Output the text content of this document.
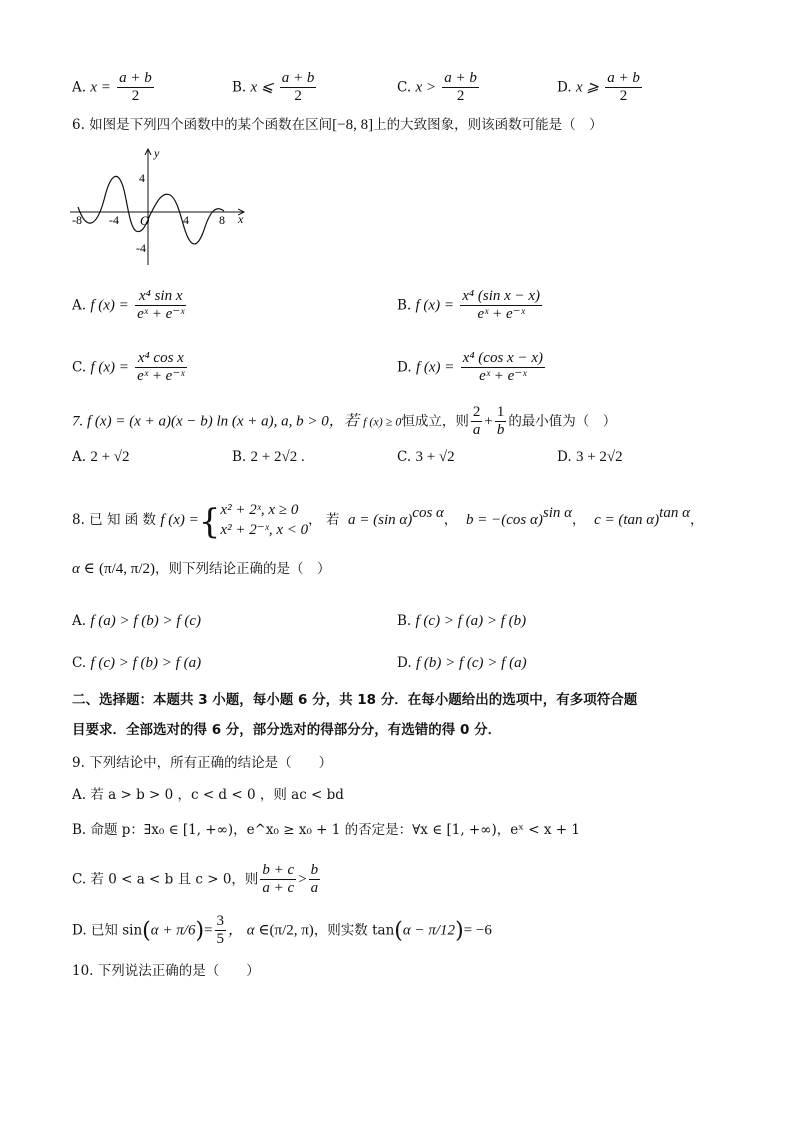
A. $x = \frac{a + b}{2}$	B. x ⩽ $\frac{a + b}{2}$	C. $x > \frac{a + b}{2}$	D. x ⩾ $\frac{a + b}{2}$
6. 如图是下列四个函数中的某个函数在区间[−8, 8]上的大致图象，则该函数可能是（　）
y
x
O
-8 -4	4	8
4
-4
A. f $(x) = \frac{\text{x⁴ sin x}}{\text{eˣ + e⁻ˣ}}$	B. f $(x) = \frac{\text{x⁴ (sin x − x)}}{\text{eˣ + e⁻ˣ}}$
C. f $(x) = \frac{\text{x⁴ cos x}}{\text{eˣ + e⁻ˣ}}$	D. f $(x) = \frac{\text{x⁴ (cos x − x)}}{\text{eˣ + e⁻ˣ}}$
7. f (x) = (x + a)(x − b) ln (x + a), a, b > 0，若 f (x) ≥ 0恒成立，则 $\frac{2}{a} + \frac{1}{b}$ 的最小值为（　）
A. 2 + √2	B. 2 + 2√2 .	C. 3 + √2	D. 3 + 2√2
8. 已 知 函 数 f (x) ={ x² + 2ˣ, x ≥ 0
x² + 2⁻ˣ, x < 0
， 若 a = (sin α)$^{cos \alpha}$，  b = −(cos α)$^{sin \alpha}$，  c = (tan α)$^{tan \alpha}$，
α ∈ (π/4, π/2)，则下列结论正确的是（　）
A. f (a) > f (b) > f (c)	B. f (c) > f (a) > f (b)
C. f (c) > f (b) > f (a)	D. f (b) > f (c) > f (a)
二、选择题：本题共 3 小题，每小题 6 分，共 18 分．在每小题给出的选项中，有多项符合题
目要求．全部选对的得 6 分，部分选对的得部分分，有选错的得 0 分．
9. 下列结论中，所有正确的结论是（　　）
A. 若 a > b > 0 ，c < d < 0 ，则 ac < bd
B. 命题 p：∃x₀ ∈ [1, +∞)，e^x₀ ≥ x₀ + 1 的否定是：∀x ∈ [1, +∞)，eˣ < x + 1
C. 若 0 < a < b 且 c > 0，则 $\frac{b + c}{a + c} > \frac{b}{a}$
D. 已知 $\sin(\alpha + \pi/6)= \frac{3}{5}$ ， α ∈(π/2, π)，则实数 tan(α − π/12)= −6
10. 下列说法正确的是（　　）
